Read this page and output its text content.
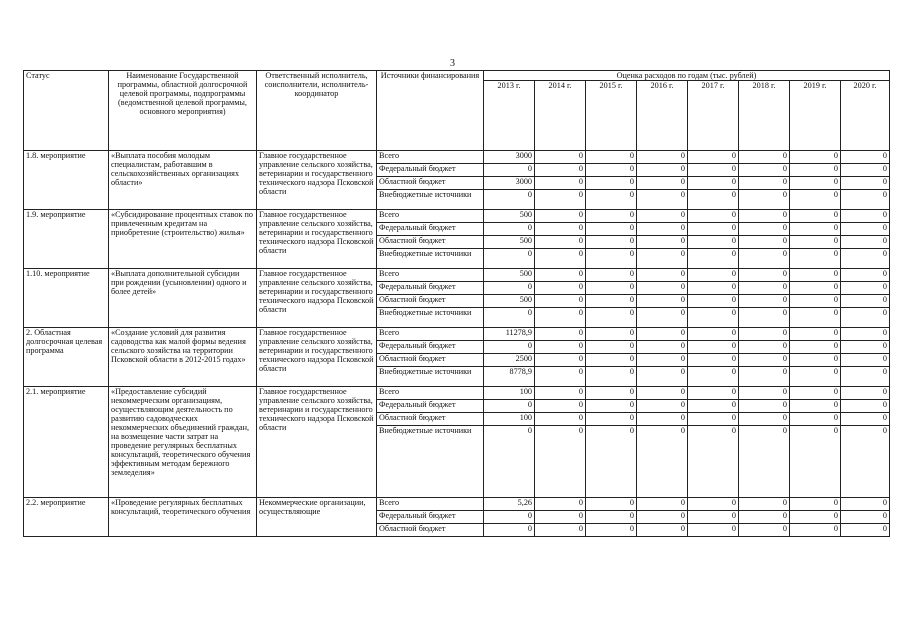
3
Статус	Наименование Государственной программы, областной долгосрочной целевой программы, подпрограммы (ведомственной целевой программы, основного мероприятия)	Ответственный исполнитель, соисполнители, исполнитель-координатор	Источники финансирования	Оценка расходов по годам (тыс. рублей)							
				2013 г.	2014 г.	2015 г.	2016 г.	2017 г.	2018 г.	2019 г.	2020 г.
1.8. мероприятие	«Выплата пособия молодым специалистам, работавшим в сельскохозяйственных организациях области»	Главное государственное управление сельского хозяйства, ветеринарии и государственного технического надзора Псковской области	Всего	3000	0	0	0	0	0	0	0
			Федеральный бюджет	0	0	0	0	0	0	0	0
			Областной бюджет	3000	0	0	0	0	0	0	0
			Внебюджетные источники	0	0	0	0	0	0	0	0
1.9. мероприятие	«Субсидирование процентных ставок по привлеченным кредитам на приобретение (строительство) жилья»	Главное государственное управление сельского хозяйства, ветеринарии и государственного технического надзора Псковской области	Всего	500	0	0	0	0	0	0	0
			Федеральный бюджет	0	0	0	0	0	0	0	0
			Областной бюджет	500	0	0	0	0	0	0	0
			Внебюджетные источники	0	0	0	0	0	0	0	0
1.10. мероприятие	«Выплата дополнительной субсидии при рождении (усыновлении) одного и более детей»	Главное государственное управление сельского хозяйства, ветеринарии и государственного технического надзора Псковской области	Всего	500	0	0	0	0	0	0	0
			Федеральный бюджет	0	0	0	0	0	0	0	0
			Областной бюджет	500	0	0	0	0	0	0	0
			Внебюджетные источники	0	0	0	0	0	0	0	0
2. Областная долгосрочная целевая программа	«Создание условий для развития садоводства как малой формы ведения сельского хозяйства на территории Псковской области в 2012-2015 годах»	Главное государственное управление сельского хозяйства, ветеринарии и государственного технического надзора Псковской области	Всего	11278,9	0	0	0	0	0	0	0
			Федеральный бюджет	0	0	0	0	0	0	0	0
			Областной бюджет	2500	0	0	0	0	0	0	0
			Внебюджетные источники	8778,9	0	0	0	0	0	0	0
2.1. мероприятие	«Предоставление субсидий некоммерческим организациям, осуществляющим деятельность по развитию садоводческих некоммерческих объединений граждан, на возмещение части затрат на проведение регулярных бесплатных консультаций, теоретического обучения эффективным методам бережного земледелия»	Главное государственное управление сельского хозяйства, ветеринарии и государственного технического надзора Псковской области	Всего	100	0	0	0	0	0	0	0
			Федеральный бюджет	0	0	0	0	0	0	0	0
			Областной бюджет	100	0	0	0	0	0	0	0
			Внебюджетные источники	0	0	0	0	0	0	0	0
2.2. мероприятие	«Проведение регулярных бесплатных консультаций, теоретического обучения	Некоммерческие организации, осуществляющие	Всего	5,26	0	0	0	0	0	0	0
			Федеральный бюджет	0	0	0	0	0	0	0	0
			Областной бюджет	0	0	0	0	0	0	0	0
